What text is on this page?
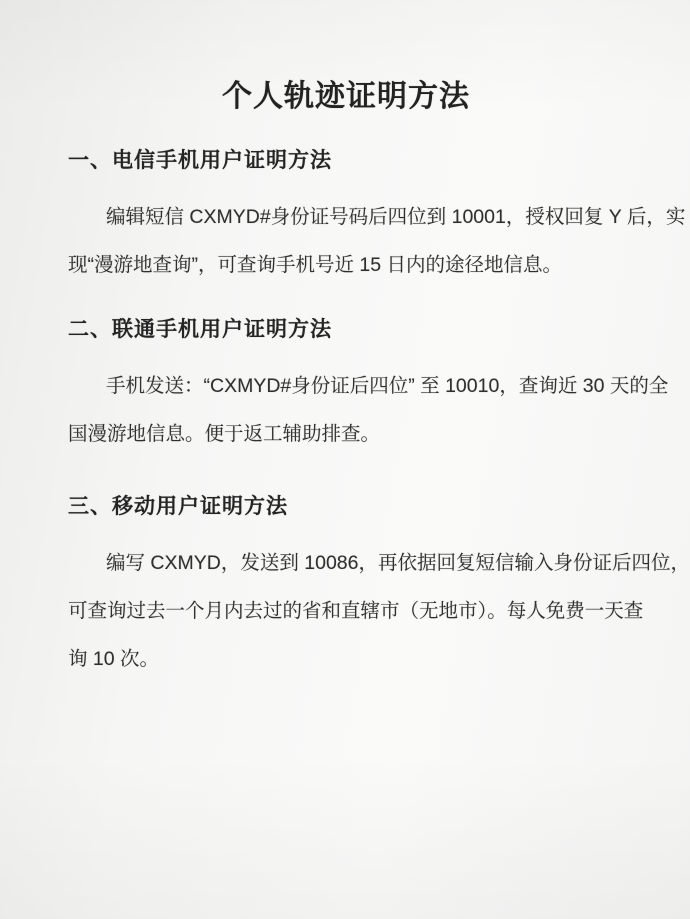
个人轨迹证明方法
一、电信手机用户证明方法

编辑短信 CXMYD#身份证号码后四位到 10001，授权回复 Y 后，实
现“漫游地查询”，可查询手机号近 15 日内的途径地信息。

二、联通手机用户证明方法

手机发送：“CXMYD#身份证后四位” 至 10010，查询近 30 天的全
国漫游地信息。便于返工辅助排查。

三、移动用户证明方法

编写 CXMYD，发送到 10086，再依据回复短信输入身份证后四位，
可查询过去一个月内去过的省和直辖市（无地市）。每人免费一天查
询 10 次。
